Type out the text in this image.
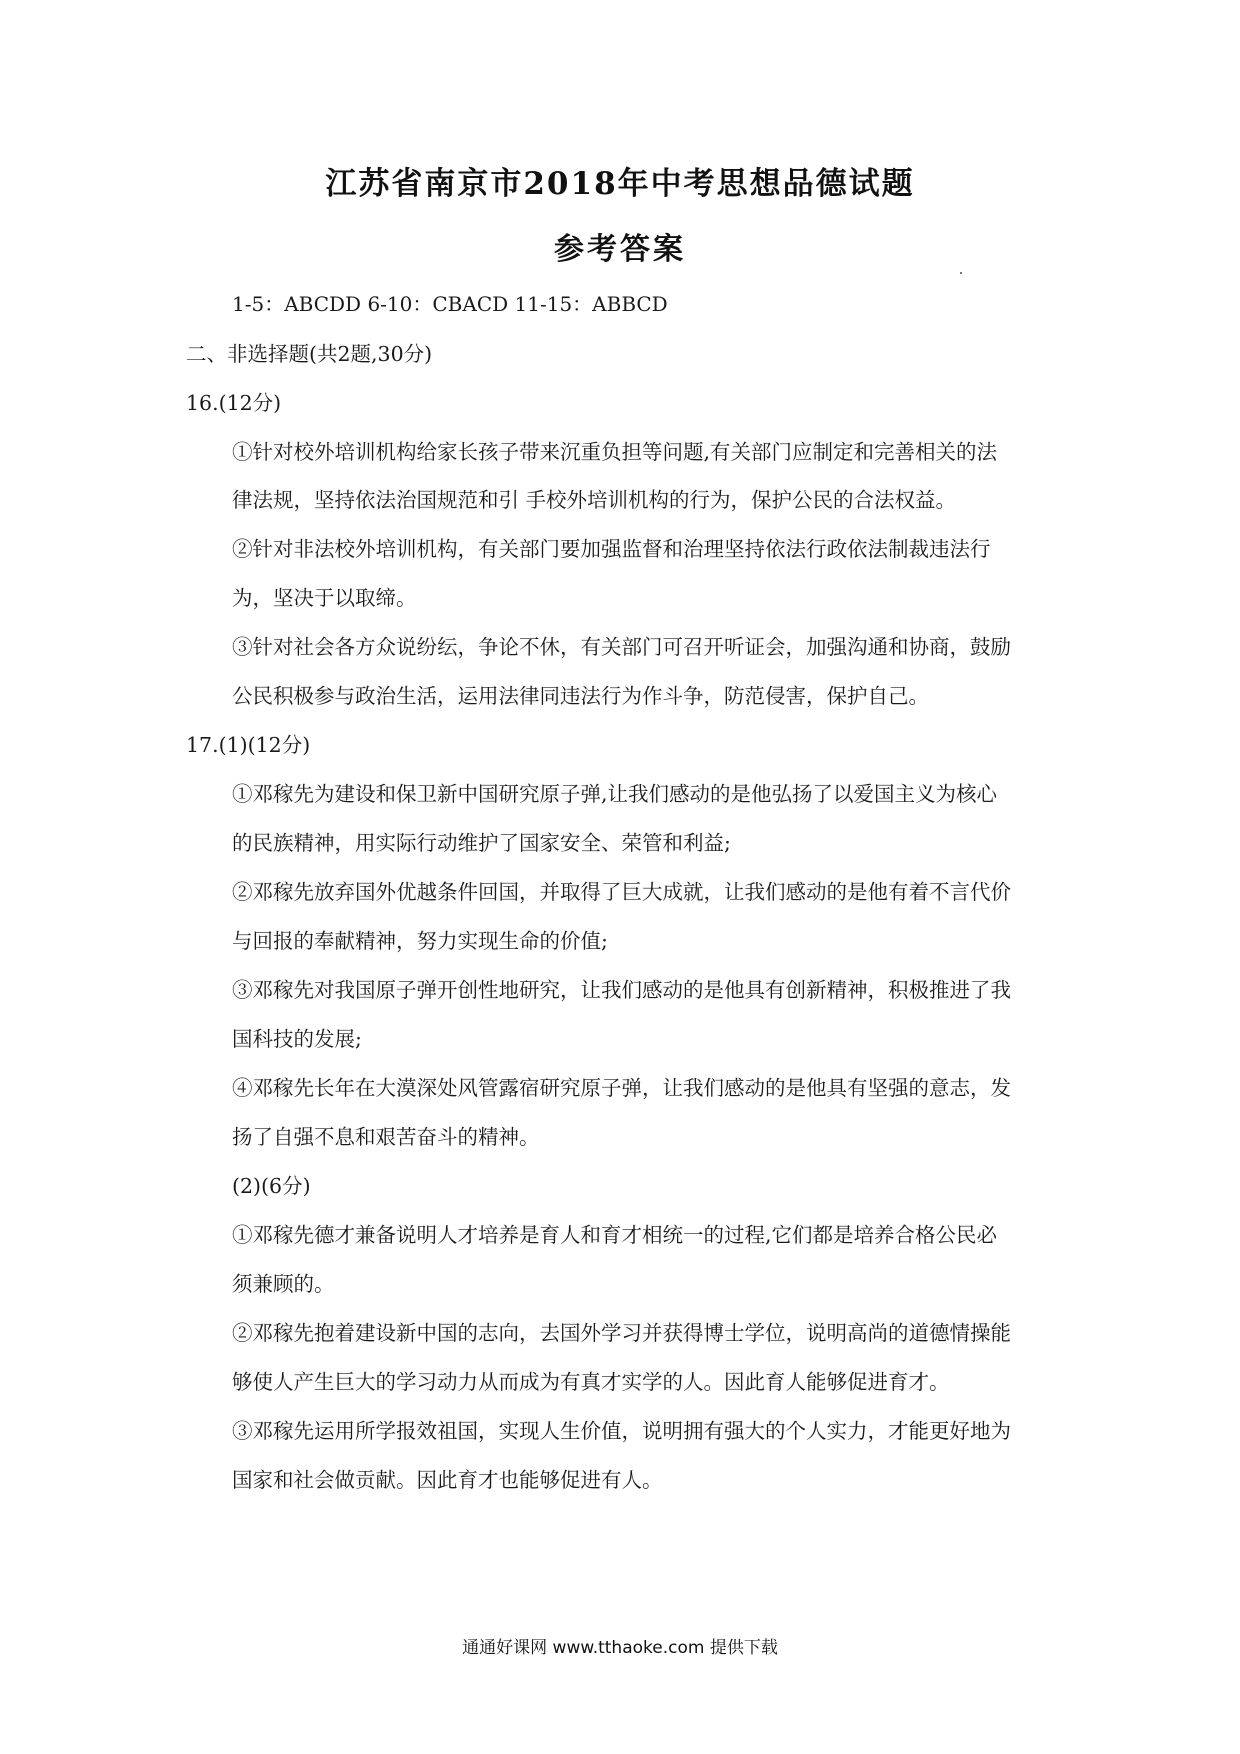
江苏省南京市2018年中考思想品德试题
参考答案
1-5：ABCDD 6-10：CBACD 11-15：ABBCD
二、非选择题(共2题,30分)
16.(12分)
①针对校外培训机构给家长孩子带来沉重负担等问题,有关部门应制定和完善相关的法
律法规，坚持依法治国规范和引 手校外培训机构的行为，保护公民的合法权益。
②针对非法校外培训机构，有关部门要加强监督和治理坚持依法行政依法制裁违法行
为，坚决于以取缔。
③针对社会各方众说纷纭，争论不休，有关部门可召开听证会，加强沟通和协商，鼓励
公民积极参与政治生活，运用法律同违法行为作斗争，防范侵害，保护自己。
17.(1)(12分)
①邓稼先为建设和保卫新中国研究原子弹,让我们感动的是他弘扬了以爱国主义为核心
的民族精神，用实际行动维护了国家安全、荣管和利益;
②邓稼先放弃国外优越条件回国，并取得了巨大成就，让我们感动的是他有着不言代价
与回报的奉献精神，努力实现生命的价值;
③邓稼先对我国原子弹开创性地研究，让我们感动的是他具有创新精神，积极推进了我
国科技的发展;
④邓稼先长年在大漠深处风管露宿研究原子弹，让我们感动的是他具有坚强的意志，发
扬了自强不息和艰苦奋斗的精神。
(2)(6分)
①邓稼先德才兼备说明人才培养是育人和育才相统一的过程,它们都是培养合格公民必
须兼顾的。
②邓稼先抱着建设新中国的志向，去国外学习并获得博士学位，说明高尚的道德情操能
够使人产生巨大的学习动力从而成为有真才实学的人。因此育人能够促进育才。
③邓稼先运用所学报效祖国，实现人生价值，说明拥有强大的个人实力，才能更好地为
国家和社会做贡献。因此育才也能够促进有人。
通通好课网 www.tthaoke.com 提供下载
